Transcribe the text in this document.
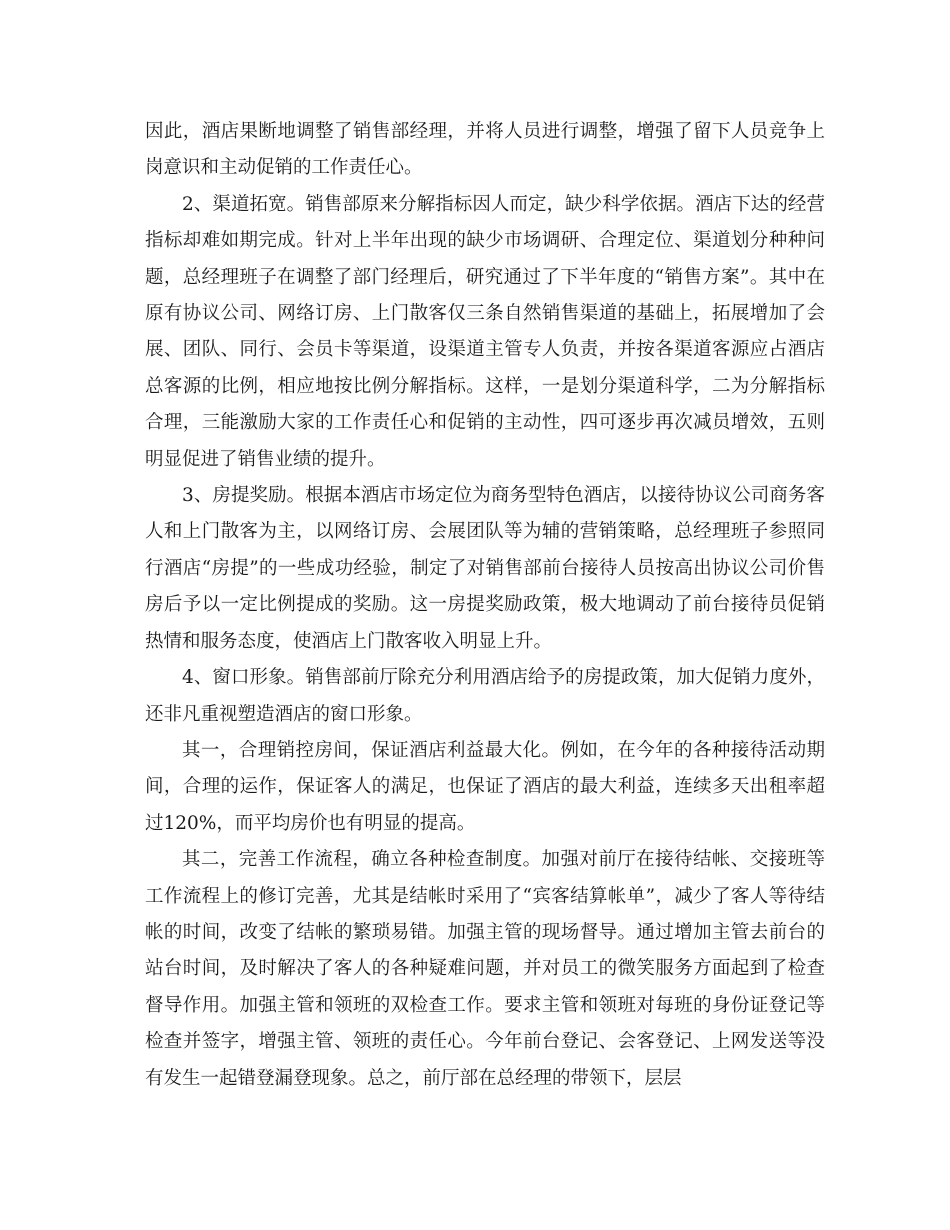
因此，酒店果断地调整了销售部经理，并将人员进行调整，增强了留下人员竞争上岗意识和主动促销的工作责任心。

2、渠道拓宽。销售部原来分解指标因人而定，缺少科学依据。酒店下达的经营指标却难如期完成。针对上半年出现的缺少市场调研、合理定位、渠道划分种种问题，总经理班子在调整了部门经理后，研究通过了下半年度的“销售方案”。其中在原有协议公司、网络订房、上门散客仅三条自然销售渠道的基础上，拓展增加了会展、团队、同行、会员卡等渠道，设渠道主管专人负责，并按各渠道客源应占酒店总客源的比例，相应地按比例分解指标。这样，一是划分渠道科学，二为分解指标合理，三能激励大家的工作责任心和促销的主动性，四可逐步再次减员增效，五则明显促进了销售业绩的提升。

3、房提奖励。根据本酒店市场定位为商务型特色酒店，以接待协议公司商务客人和上门散客为主，以网络订房、会展团队等为辅的营销策略，总经理班子参照同行酒店“房提”的一些成功经验，制定了对销售部前台接待人员按高出协议公司价售房后予以一定比例提成的奖励。这一房提奖励政策，极大地调动了前台接待员促销热情和服务态度，使酒店上门散客收入明显上升。

4、窗口形象。销售部前厅除充分利用酒店给予的房提政策，加大促销力度外，还非凡重视塑造酒店的窗口形象。

其一，合理销控房间，保证酒店利益最大化。例如，在今年的各种接待活动期间，合理的运作，保证客人的满足，也保证了酒店的最大利益，连续多天出租率超过120%，而平均房价也有明显的提高。

其二，完善工作流程，确立各种检查制度。加强对前厅在接待结帐、交接班等工作流程上的修订完善，尤其是结帐时采用了“宾客结算帐单”，减少了客人等待结帐的时间，改变了结帐的繁琐易错。加强主管的现场督导。通过增加主管去前台的站台时间，及时解决了客人的各种疑难问题，并对员工的微笑服务方面起到了检查督导作用。加强主管和领班的双检查工作。要求主管和领班对每班的身份证登记等检查并签字，增强主管、领班的责任心。今年前台登记、会客登记、上网发送等没有发生一起错登漏登现象。总之，前厅部在总经理的带领下，层层
